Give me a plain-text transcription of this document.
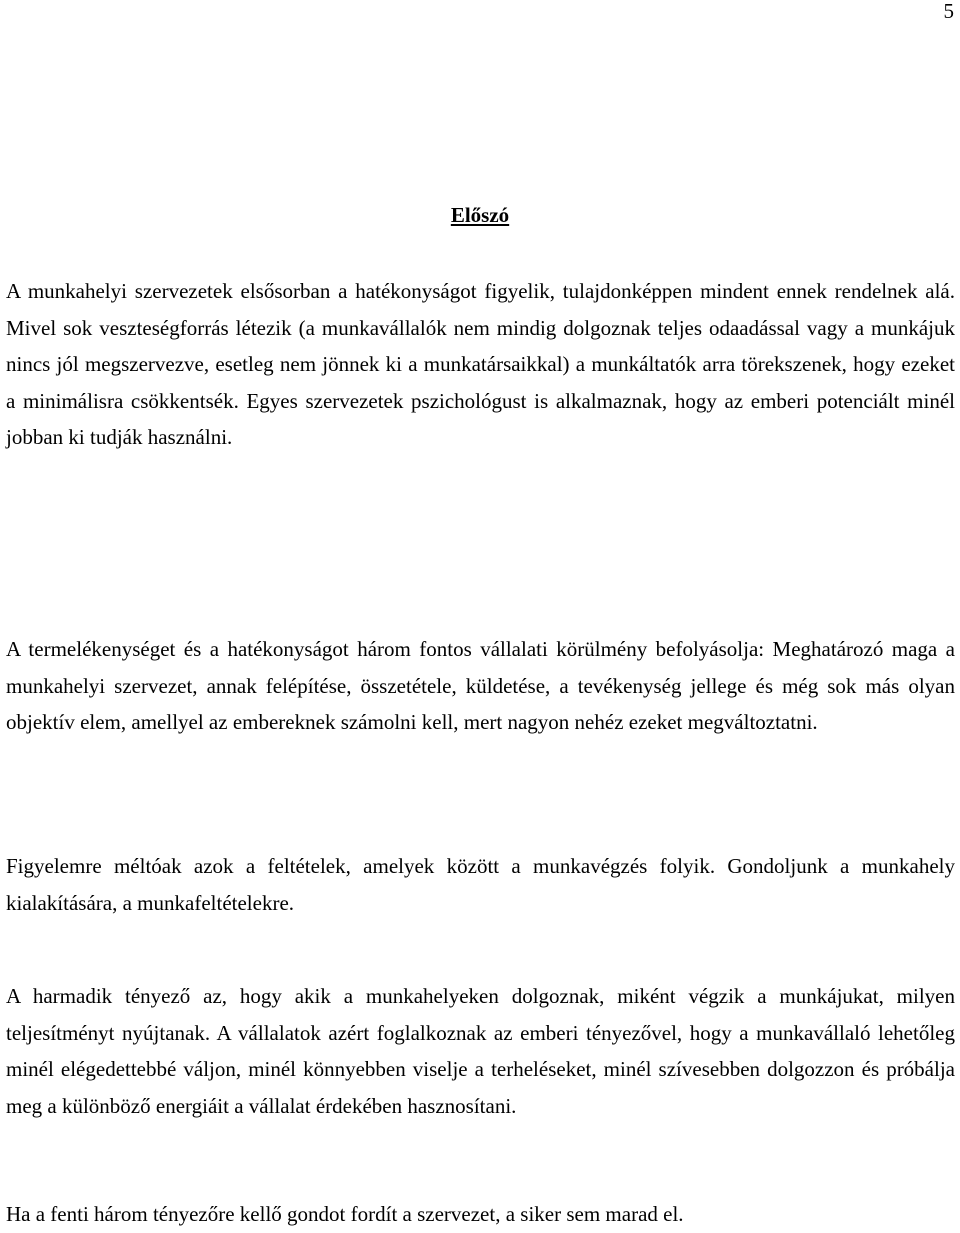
5
Előszó

A munkahelyi szervezetek elsősorban a hatékonyságot figyelik, tulajdonképpen mindent ennek rendelnek alá. Mivel sok veszteségforrás létezik (a munkavállalók nem mindig dolgoznak teljes odaadással vagy a munkájuk nincs jól megszervezve, esetleg nem jönnek ki a munkatársaikkal) a munkáltatók arra törekszenek, hogy ezeket a minimálisra csökkentsék. Egyes szervezetek pszichológust is alkalmaznak, hogy az emberi potenciált minél jobban ki tudják használni.

A termelékenységet és a hatékonyságot három fontos vállalati körülmény befolyásolja: Meghatározó maga a munkahelyi szervezet, annak felépítése, összetétele, küldetése, a tevékenység jellege és még sok más olyan objektív elem, amellyel az embereknek számolni kell, mert nagyon nehéz ezeket megváltoztatni.

Figyelemre méltóak azok a feltételek, amelyek között a munkavégzés folyik. Gondoljunk a munkahely kialakítására, a munkafeltételekre.

A harmadik tényező az, hogy akik a munkahelyeken dolgoznak, miként végzik a munkájukat, milyen teljesítményt nyújtanak. A vállalatok azért foglalkoznak az emberi tényezővel, hogy a munkavállaló lehetőleg minél elégedettebbé váljon, minél könnyebben viselje a terheléseket, minél szívesebben dolgozzon és próbálja meg a különböző energiáit a vállalat érdekében hasznosítani.

Ha a fenti három tényezőre kellő gondot fordít a szervezet, a siker sem marad el.
